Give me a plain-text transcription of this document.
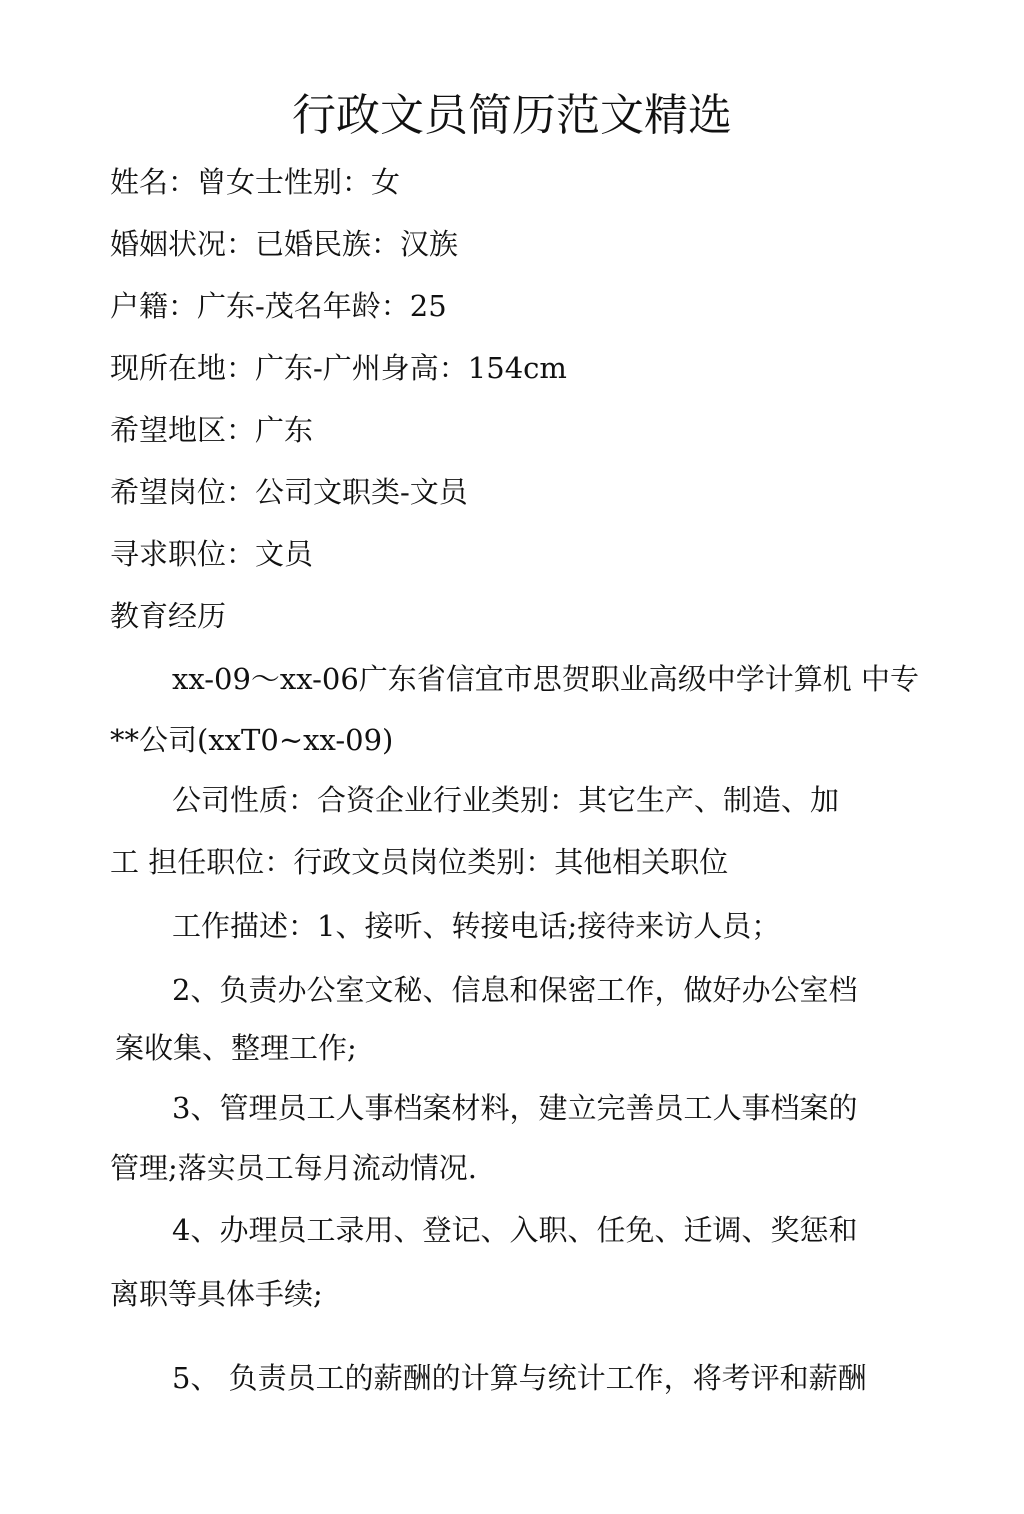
行政文员简历范文精选
姓名：曾女士性别：女
婚姻状况：已婚民族：汉族
户籍：广东-茂名年龄：25
现所在地：广东-广州身高：154cm
希望地区：广东
希望岗位：公司文职类-文员
寻求职位：文员
教育经历
xx-09～xx-06广东省信宜市思贺职业高级中学计算机 中专
**公司(xxT0~xx-09)
公司性质：合资企业行业类别：其它生产、制造、加
工 担任职位：行政文员岗位类别：其他相关职位
工作描述：1、接听、转接电话;接待来访人员；
2、负责办公室文秘、信息和保密工作，做好办公室档
案收集、整理工作;
3、管理员工人事档案材料，建立完善员工人事档案的
管理;落实员工每月流动情况.
4、办理员工录用、登记、入职、任免、迁调、奖惩和
离职等具体手续;
5、 负责员工的薪酬的计算与统计工作，将考评和薪酬
